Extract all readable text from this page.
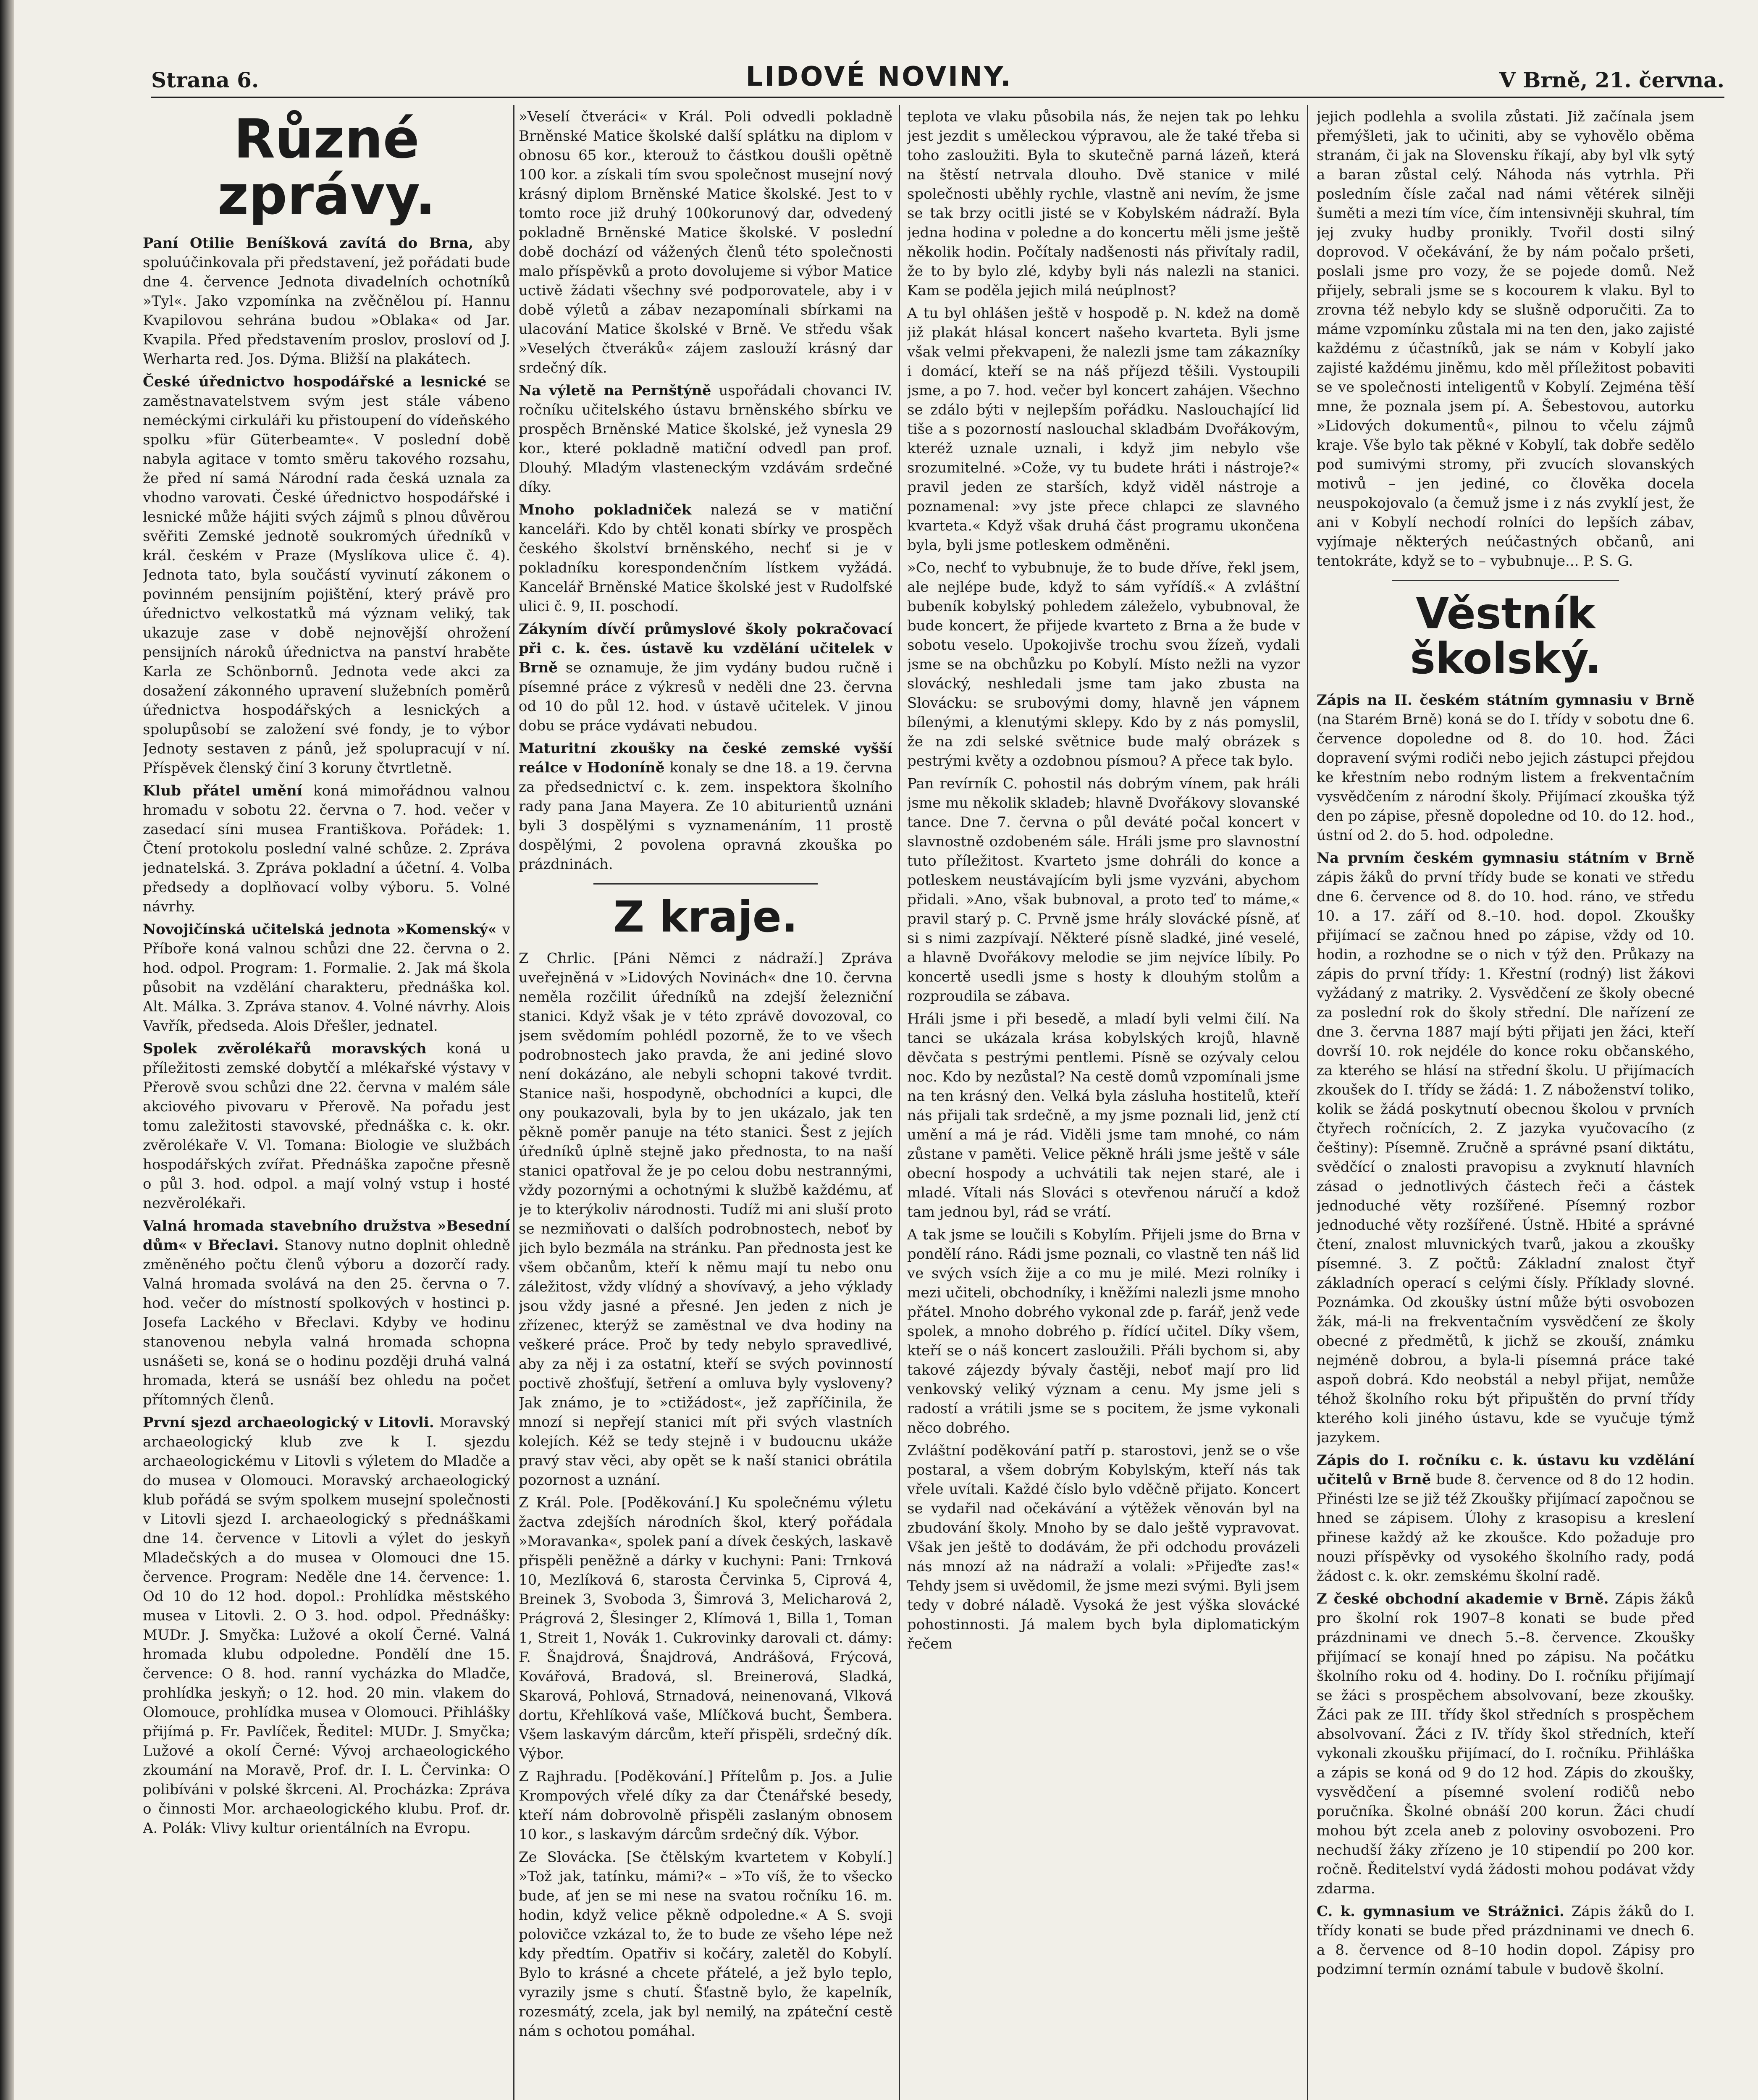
Strana 6.	LIDOVÉ NOVINY.	V Brně, 21. června.
Různé zprávy.

Paní Otilie Beníšková zavítá do Brna, aby spoluúčinkovala při představení, jež pořádati bude dne 4. července Jednota divadelních ochotníků »Tyl«. Jako vzpomínka na zvěčnělou pí. Hannu Kvapilovou sehrána budou »Oblaka« od Jar. Kvapila. Před představením proslov, prosloví od J. Werharta red. Jos. Dýma. Bližší na plakátech.

České úřednictvo hospodářské a lesnické se zaměstnavatelstvem svým jest stále vábeno neméckými cirkuláři ku přistoupení do vídeňského spolku »für Güterbeamte«. V poslední době nabyla agitace v tomto směru takového rozsahu, že před ní samá Národní rada česká uznala za vhodno varovati. České úřednictvo hospodářské i lesnické může hájiti svých zájmů s plnou důvěrou svěřiti Zemské jednotě soukromých úředníků v král. českém v Praze (Myslíkova ulice č. 4). Jednota tato, byla součástí vyvinutí zákonem o povinném pensijním pojištění, který právě pro úřednictvo velkostatků má význam veliký, tak ukazuje zase v době nejnovější ohrožení pensijních nároků úřednictva na panství hraběte Karla ze Schönbornů. Jednota vede akci za dosažení zákonného upravení služebních poměrů úřednictva hospodářských a lesnických a spolupůsobí se založení své fondy, je to výbor Jednoty sestaven z pánů, jež spolupracují v ní. Příspěvek členský činí 3 koruny čtvrtletně.

Klub přátel umění koná mimořádnou valnou hromadu v sobotu 22. června o 7. hod. večer v zasedací síni musea Františkova. Pořádek: 1. Čtení protokolu poslední valné schůze. 2. Zpráva jednatelská. 3. Zpráva pokladní a účetní. 4. Volba předsedy a doplňovací volby výboru. 5. Volné návrhy.

Novojičínská učitelská jednota »Komenský« v Příboře koná valnou schůzi dne 22. června o 2. hod. odpol. Program: 1. Formalie. 2. Jak má škola působit na vzdělání charakteru, přednáška kol. Alt. Málka. 3. Zpráva stanov. 4. Volné návrhy. Alois Vavřík, předseda. Alois Dřešler, jednatel.

Spolek zvěrolékařů moravských koná u příležitosti zemské dobytčí a mlékařské výstavy v Přerově svou schůzi dne 22. června v malém sále akciového pivovaru v Přerově. Na pořadu jest tomu zaležitosti stavovské, přednáška c. k. okr. zvěrolékaře V. Vl. Tomana: Biologie ve službách hospodářských zvířat. Přednáška započne přesně o půl 3. hod. odpol. a mají volný vstup i hosté nezvěrolékaři.

Valná hromada stavebního družstva »Besední dům« v Břeclavi. Stanovy nutno doplnit ohledně změněného počtu členů výboru a dozorčí rady. Valná hromada svolává na den 25. června o 7. hod. večer do místností spolkových v hostinci p. Josefa Lackého v Břeclavi. Kdyby ve hodinu stanovenou nebyla valná hromada schopna usnášeti se, koná se o hodinu později druhá valná hromada, která se usnáší bez ohledu na počet přítomných členů.

První sjezd archaeologický v Litovli. Moravský archaeologický klub zve k I. sjezdu archaeologickému v Litovli s výletem do Mladče a do musea v Olomouci. Moravský archaeologický klub pořádá se svým spolkem musejní společnosti v Litovli sjezd I. archaeologický s přednáškami dne 14. července v Litovli a výlet do jeskyň Mladečských a do musea v Olomouci dne 15. července. Program: Neděle dne 14. července: 1. Od 10 do 12 hod. dopol.: Prohlídka městského musea v Litovli. 2. O 3. hod. odpol. Přednášky: MUDr. J. Smyčka: Lužové a okolí Černé. Valná hromada klubu odpoledne. Pondělí dne 15. července: O 8. hod. ranní vycházka do Mladče, prohlídka jeskyň; o 12. hod. 20 min. vlakem do Olomouce, prohlídka musea v Olomouci. Přihlášky přijímá p. Fr. Pavlíček, Ředitel: MUDr. J. Smyčka; Lužové a okolí Černé: Vývoj archaeologického zkoumání na Moravě, Prof. dr. I. L. Červinka: O polibíváni v polské škrceni. Al. Procházka: Zpráva o činnosti Mor. archaeologického klubu. Prof. dr. A. Polák: Vlivy kultur orientálních na Evropu.

»Veselí čtveráci« v Král. Poli odvedli pokladně Brněnské Matice školské další splátku na diplom v obnosu 65 kor., kterouž to částkou doušli opětně 100 kor. a získali tím svou společnost musejní nový krásný diplom Brněnské Matice školské. Jest to v tomto roce již druhý 100korunový dar, odvedený pokladně Brněnské Matice školské. V poslední době dochází od vážených členů této společnosti malo příspěvků a proto dovolujeme si výbor Matice uctivě žádati všechny své podporovatele, aby i v době výletů a zábav nezapomínali sbírkami na ulacování Matice školské v Brně. Ve středu však »Veselých čtveráků« zájem zaslouží krásný dar srdečný dík.

Na výletě na Pernštýně uspořádali chovanci IV. ročníku učitelského ústavu brněnského sbírku ve prospěch Brněnské Matice školské, jež vynesla 29 kor., které pokladně matiční odvedl pan prof. Dlouhý. Mladým vlasteneckým vzdávám srdečné díky.

Mnoho pokladniček nalezá se v matiční kanceláři. Kdo by chtěl konati sbírky ve prospěch českého školství brněnského, nechť si je v pokladníku korespondenčním lístkem vyžádá. Kancelář Brněnské Matice školské jest v Rudolfské ulici č. 9, II. poschodí.

Zákyním dívčí průmyslové školy pokračovací při c. k. čes. ústavě ku vzdělání učitelek v Brně se oznamuje, že jim vydány budou ručně i písemné práce z výkresů v neděli dne 23. června od 10 do půl 12. hod. v ústavě učitelek. V jinou dobu se práce vydávati nebudou.

Maturitní zkoušky na české zemské vyšší reálce v Hodoníně konaly se dne 18. a 19. června za předsednictví c. k. zem. inspektora školního rady pana Jana Mayera. Ze 10 abiturientů uznáni byli 3 dospělými s vyznamenáním, 11 prostě dospělými, 2 povolena opravná zkouška po prázdninách.

Z kraje.

Z Chrlic. [Páni Němci z nádraží.] Zpráva uveřejněná v »Lidových Novinách« dne 10. června neměla rozčilit úředníků na zdejší železniční stanici. Když však je v této zprávě dovozoval, co jsem svědomím pohlédl pozorně, že to ve všech podrobnostech jako pravda, že ani jediné slovo není dokázáno, ale nebyli schopni takové tvrdit. Stanice naši, hospodyně, obchodníci a kupci, dle ony poukazovali, byla by to jen ukázalo, jak ten pěkně poměr panuje na této stanici. Šest z jejích úředníků úplně stejně jako přednosta, to na naší stanici opatřoval že je po celou dobu nestrannými, vždy pozornými a ochotnými k službě každému, ať je to kterýkoliv národnosti. Tudíž mi ani sluší proto se nezmiňovati o dalších podrobnostech, neboť by jich bylo bezmála na stránku. Pan přednosta jest ke všem občanům, kteří k němu mají tu nebo onu záležitost, vždy vlídný a shovívavý, a jeho výklady jsou vždy jasné a přesné. Jen jeden z nich je zřízenec, kterýž se zaměstnal ve dva hodiny na veškeré práce. Proč by tedy nebylo spravedlivé, aby za něj i za ostatní, kteří se svých povinností poctivě zhošťují, šetření a omluva byly vysloveny? Jak známo, je to »ctižádost«, jež zapříčinila, že mnozí si nepřejí stanici mít při svých vlastních kolejích. Kéž se tedy stejně i v budoucnu ukáže pravý stav věci, aby opět se k naší stanici obrátila pozornost a uznání.

Z Král. Pole. [Poděkování.] Ku společnému výletu žactva zdejších národních škol, který pořádala »Moravanka«, spolek paní a dívek českých, laskavě přispěli peněžně a dárky v kuchyni: Pani: Trnková 10, Mezlíková 6, starosta Červinka 5, Ciprová 4, Breinek 3, Svoboda 3, Šimrová 3, Melicharová 2, Prágrová 2, Šlesinger 2, Klímová 1, Billa 1, Toman 1, Streit 1, Novák 1. Cukrovinky darovali ct. dámy: F. Šnajdrová, Šnajdrová, Andrášová, Frýcová, Kovářová, Bradová, sl. Breinerová, Sladká, Skarová, Pohlová, Strnadová, neinenovaná, Vlková dortu, Křehlíková vaše, Mlíčková bucht, Šembera. Všem laskavým dárcům, kteří přispěli, srdečný dík. Výbor.

Z Rajhradu. [Poděkování.] Přítelům p. Jos. a Julie Krompových vřelé díky za dar Čtenářské besedy, kteří nám dobrovolně přispěli zaslaným obnosem 10 kor., s laskavým dárcům srdečný dík. Výbor.

Ze Slovácka. [Se čtělským kvartetem v Kobylí.] »Tož jak, tatínku, mámi?« – »To víš, že to všecko bude, ať jen se mi nese na svatou ročníku 16. m. hodin, když velice pěkně odpoledne.« A S. svoji polovičce vzkázal to, že to bude ze všeho lépe než kdy předtím. Opatřiv si kočáry, zaletěl do Kobylí. Bylo to krásné a chcete přátelé, a jež bylo teplo, vyrazily jsme s chutí. Šťastně bylo, že kapelník, rozesmátý, zcela, jak byl nemilý, na zpáteční cestě nám s ochotou pomáhal.

teplota ve vlaku působila nás, že nejen tak po lehku jest jezdit s uměleckou výpravou, ale že také třeba si toho zasloužiti. Byla to skutečně parná lázeň, která na štěstí netrvala dlouho. Dvě stanice v milé společnosti uběhly rychle, vlastně ani nevím, že jsme se tak brzy ocitli jisté se v Kobylském nádraží. Byla jedna hodina v poledne a do koncertu měli jsme ještě několik hodin. Počítaly nadšenosti nás přivítaly radil, že to by bylo zlé, kdyby byli nás nalezli na stanici. Kam se poděla jejich milá neúplnost?

A tu byl ohlášen ještě v hospodě p. N. kdež na domě již plakát hlásal koncert našeho kvarteta. Byli jsme však velmi překvapeni, že nalezli jsme tam zákazníky i domácí, kteří se na náš příjezd těšili. Vystoupili jsme, a po 7. hod. večer byl koncert zahájen. Všechno se zdálo býti v nejlepším pořádku. Naslouchající lid tiše a s pozorností naslouchal skladbám Dvořákovým, kteréž uznale uznali, i když jim nebylo vše srozumitelné. »Cože, vy tu budete hráti i nástroje?« pravil jeden ze starších, když viděl nástroje a poznamenal: »vy jste přece chlapci ze slavného kvarteta.« Když však druhá část programu ukončena byla, byli jsme potleskem odměněni.

»Co, nechť to vybubnuje, že to bude dříve, řekl jsem, ale nejlépe bude, když to sám vyřídíš.« A zvláštní bubeník kobylský pohledem záleželo, vybubnoval, že bude koncert, že přijede kvarteto z Brna a že bude v sobotu veselo. Upokojivše trochu svou žízeň, vydali jsme se na obchůzku po Kobylí. Místo nežli na vyzor slovácký, neshledali jsme tam jako zbusta na Slovácku: se srubovými domy, hlavně jen vápnem bílenými, a klenutými sklepy. Kdo by z nás pomyslil, že na zdi selské světnice bude malý obrázek s pestrými květy a ozdobnou písmou? A přece tak bylo.

Pan revírník C. pohostil nás dobrým vínem, pak hráli jsme mu několik skladeb; hlavně Dvořákovy slovanské tance. Dne 7. června o půl deváté počal koncert v slavnostně ozdobeném sále. Hráli jsme pro slavnostní tuto příležitost. Kvarteto jsme dohráli do konce a potleskem neustávajícím byli jsme vyzváni, abychom přidali. »Ano, však bubnoval, a proto teď to máme,« pravil starý p. C. Prvně jsme hrály slovácké písně, ať si s nimi zazpívají. Některé písně sladké, jiné veselé, a hlavně Dvořákovy melodie se jim nejvíce líbily. Po koncertě usedli jsme s hosty k dlouhým stolům a rozproudila se zábava.

Hráli jsme i při besedě, a mladí byli velmi čilí. Na tanci se ukázala krása kobylských krojů, hlavně děvčata s pestrými pentlemi. Písně se ozývaly celou noc. Kdo by nezůstal? Na cestě domů vzpomínali jsme na ten krásný den. Velká byla zásluha hostitelů, kteří nás přijali tak srdečně, a my jsme poznali lid, jenž ctí umění a má je rád. Viděli jsme tam mnohé, co nám zůstane v paměti. Velice pěkně hráli jsme ještě v sále obecní hospody a uchvátili tak nejen staré, ale i mladé. Vítali nás Slováci s otevřenou náručí a kdož tam jednou byl, rád se vrátí.

A tak jsme se loučili s Kobylím. Přijeli jsme do Brna v pondělí ráno. Rádi jsme poznali, co vlastně ten náš lid ve svých vsích žije a co mu je milé. Mezi rolníky i mezi učiteli, obchodníky, i kněžími nalezli jsme mnoho přátel. Mnoho dobrého vykonal zde p. farář, jenž vede spolek, a mnoho dobrého p. řídící učitel. Díky všem, kteří se o náš koncert zasloužili. Přáli bychom si, aby takové zájezdy bývaly častěji, neboť mají pro lid venkovský veliký význam a cenu. My jsme jeli s radostí a vrátili jsme se s pocitem, že jsme vykonali něco dobrého.

Zvláštní poděkování patří p. starostovi, jenž se o vše postaral, a všem dobrým Kobylským, kteří nás tak vřele uvítali. Každé číslo bylo vděčně přijato. Koncert se vydařil nad očekávání a výtěžek věnován byl na zbudování školy. Mnoho by se dalo ještě vypravovat. Však jen ještě to dodávám, že při odchodu provázeli nás mnozí až na nádraží a volali: »Přijeďte zas!« Tehdy jsem si uvědomil, že jsme mezi svými. Byli jsem tedy v dobré náladě. Vysoká že jest výška slovácké pohostinnosti. Já malem bych byla diplomatickým řečem

jejich podlehla a svolila zůstati. Již začínala jsem přemýšleti, jak to učiniti, aby se vyhovělo oběma stranám, či jak na Slovensku říkají, aby byl vlk sytý a baran zůstal celý. Náhoda nás vytrhla. Při posledním čísle začal nad námi větérek silněji šuměti a mezi tím více, čím intensivněji skuhral, tím jej zvuky hudby pronikly. Tvořil dosti silný doprovod. V očekávání, že by nám počalo pršeti, poslali jsme pro vozy, že se pojede domů. Než přijely, sebrali jsme se s kocourem k vlaku. Byl to zrovna též nebylo kdy se slušně odporučiti. Za to máme vzpomínku zůstala mi na ten den, jako zajisté každému z účastníků, jak se nám v Kobylí jako zajisté každému jiněmu, kdo měl příležitost pobaviti se ve společnosti inteligentů v Kobylí. Zejména těší mne, že poznala jsem pí. A. Šebestovou, autorku »Lidových dokumentů«, pilnou to včelu zájmů kraje. Vše bylo tak pěkné v Kobylí, tak dobře sedělo pod sumivými stromy, při zvucích slovanských motivů – jen jediné, co člověka docela neuspokojovalo (a čemuž jsme i z nás zvyklí jest, že ani v Kobylí nechodí rolníci do lepších zábav, vyjímaje některých neúčastných občanů, ani tentokráte, když se to – vybubnuje... P. S. G.

Věstník školský.

Zápis na II. českém státním gymnasiu v Brně (na Starém Brně) koná se do I. třídy v sobotu dne 6. července dopoledne od 8. do 10. hod. Žáci dopravení svými rodiči nebo jejich zástupci přejdou ke křestním nebo rodným listem a frekventačním vysvědčením z národní školy. Přijímací zkouška týž den po zápise, přesně dopoledne od 10. do 12. hod., ústní od 2. do 5. hod. odpoledne.

Na prvním českém gymnasiu státním v Brně zápis žáků do první třídy bude se konati ve středu dne 6. července od 8. do 10. hod. ráno, ve středu 10. a 17. září od 8.–10. hod. dopol. Zkoušky přijímací se začnou hned po zápise, vždy od 10. hodin, a rozhodne se o nich v týž den. Průkazy na zápis do první třídy: 1. Křestní (rodný) list žákovi vyžádaný z matriky. 2. Vysvědčení ze školy obecné za poslední rok do školy střední. Dle nařízení ze dne 3. června 1887 mají býti přijati jen žáci, kteří dovrší 10. rok nejdéle do konce roku občanského, za kterého se hlásí na střední školu. U přijímacích zkoušek do I. třídy se žádá: 1. Z náboženství toliko, kolik se žádá poskytnutí obecnou školou v prvních čtyřech ročnících, 2. Z jazyka vyučovacího (z češtiny): Písemně. Zručně a správné psaní diktátu, svědčící o znalosti pravopisu a zvyknutí hlavních zásad o jednotlivých částech řeči a částek jednoduché věty rozšířené. Písemný rozbor jednoduché věty rozšířené. Ústně. Hbité a správné čtení, znalost mluvnických tvarů, jakou a zkoušky písemné. 3. Z počtů: Základní znalost čtyř základních operací s celými čísly. Příklady slovné. Poznámka. Od zkoušky ústní může býti osvobozen žák, má-li na frekventačním vysvědčení ze školy obecné z předmětů, k jichž se zkouší, známku nejméně dobrou, a byla-li písemná práce také aspoň dobrá. Kdo neobstál a nebyl přijat, nemůže téhož školního roku být připuštěn do první třídy kterého koli jiného ústavu, kde se vyučuje týmž jazykem.

Zápis do I. ročníku c. k. ústavu ku vzdělání učitelů v Brně bude 8. července od 8 do 12 hodin. Přinésti lze se již též Zkoušky přijímací započnou se hned se zápisem. Úlohy z krasopisu a kreslení přinese každý až ke zkoušce. Kdo požaduje pro nouzi příspěvky od vysokého školního rady, podá žádost c. k. okr. zemskému školní radě.

Z české obchodní akademie v Brně. Zápis žáků pro školní rok 1907–8 konati se bude před prázdninami ve dnech 5.–8. července. Zkoušky přijímací se konají hned po zápisu. Na počátku školního roku od 4. hodiny. Do I. ročníku přijímají se žáci s prospěchem absolvovaní, beze zkoušky. Žáci pak ze III. třídy škol středních s prospěchem absolvovaní. Žáci z IV. třídy škol středních, kteří vykonali zkoušku přijímací, do I. ročníku. Přihláška a zápis se koná od 9 do 12 hod. Zápis do zkoušky, vysvědčení a písemné svolení rodičů nebo poručníka. Školné obnáší 200 korun. Žáci chudí mohou být zcela aneb z poloviny osvobozeni. Pro nechudší žáky zřízeno je 10 stipendií po 200 kor. ročně. Ředitelství vydá žádosti mohou podávat vždy zdarma.

C. k. gymnasium ve Strážnici. Zápis žáků do I. třídy konati se bude před prázdninami ve dnech 6. a 8. července od 8–10 hodin dopol. Zápisy pro podzimní termín oznámí tabule v budově školní.
